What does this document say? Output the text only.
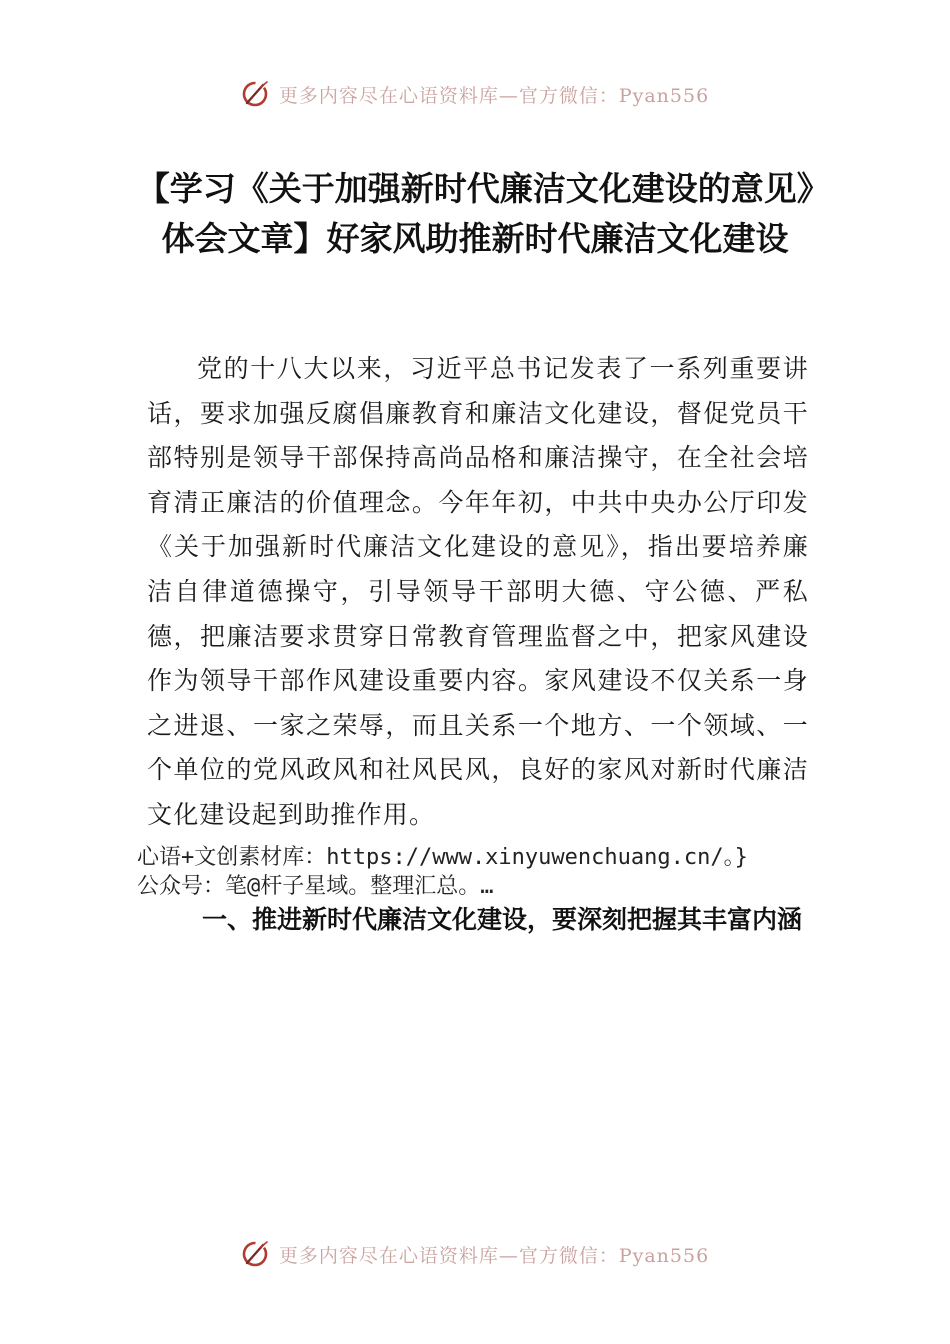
更多内容尽在心语资料库—官方微信：Pyan556
【学习《关于加强新时代廉洁文化建设的意见》体会文章】好家风助推新时代廉洁文化建设

党的十八大以来，习近平总书记发表了一系列重要讲话，要求加强反腐倡廉教育和廉洁文化建设，督促党员干部特别是领导干部保持高尚品格和廉洁操守，在全社会培育清正廉洁的价值理念。今年年初，中共中央办公厅印发《关于加强新时代廉洁文化建设的意见》，指出要培养廉洁自律道德操守，引导领导干部明大德、守公德、严私德，把廉洁要求贯穿日常教育管理监督之中，把家风建设作为领导干部作风建设重要内容。家风建设不仅关系一身之进退、一家之荣辱，而且关系一个地方、一个领域、一个单位的党风政风和社风民风，良好的家风对新时代廉洁文化建设起到助推作用。

心语+文创素材库：https://www.xinyuwenchuang.cn/。}

公众号：笔@杆子星域。整理汇总。…

一、推进新时代廉洁文化建设，要深刻把握其丰富内涵
更多内容尽在心语资料库—官方微信：Pyan556
